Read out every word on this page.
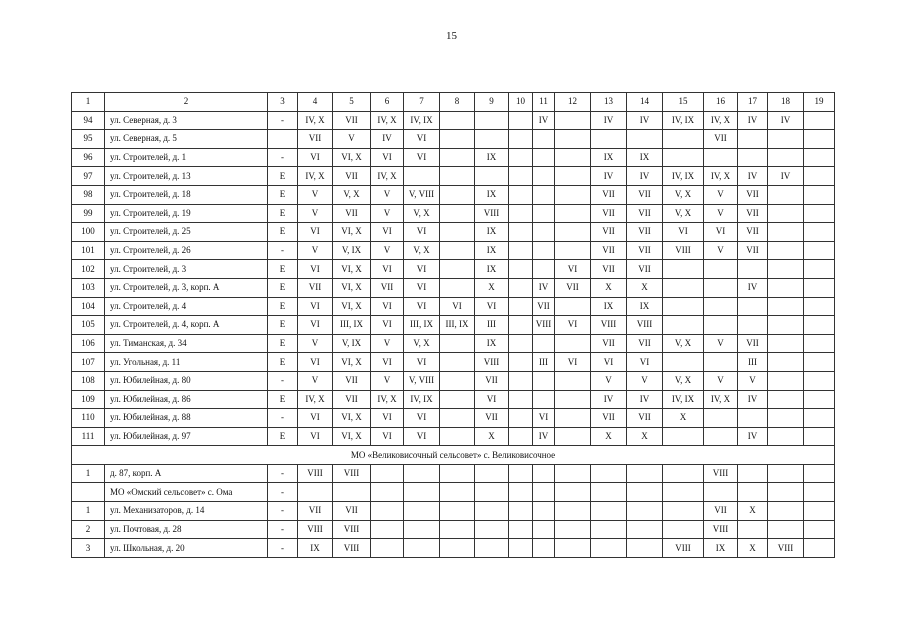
15
1	2	3	4	5	6	7	8	9	10	11	12	13	14	15	16	17	18	19
94	ул. Северная, д. 3	-	IV, X	VII	IV, X	IV, IX				IV		IV	IV	IV, IX	IV, X	IV	IV	
95	ул. Северная, д. 5		VII	V	IV	VI									VII			
96	ул. Строителей, д. 1	-	VI	VI, X	VI	VI		IX				IX	IX					
97	ул. Строителей, д. 13	E	IV, X	VII	IV, X							IV	IV	IV, IX	IV, X	IV	IV	
98	ул. Строителей, д. 18	E	V	V, X	V	V, VIII		IX				VII	VII	V, X	V	VII		
99	ул. Строителей, д. 19	E	V	VII	V	V, X		VIII				VII	VII	V, X	V	VII		
100	ул. Строителей, д. 25	E	VI	VI, X	VI	VI		IX				VII	VII	VI	VI	VII		
101	ул. Строителей, д. 26	-	V	V, IX	V	V, X		IX				VII	VII	VIII	V	VII		
102	ул. Строителей, д. 3	E	VI	VI, X	VI	VI		IX			VI	VII	VII					
103	ул. Строителей, д. 3, корп. А	E	VII	VI, X	VII	VI		X		IV	VII	X	X			IV		
104	ул. Строителей, д. 4	E	VI	VI, X	VI	VI	VI	VI		VII		IX	IX					
105	ул. Строителей, д. 4, корп. А	E	VI	III, IX	VI	III, IX	III, IX	III		VIII	VI	VIII	VIII					
106	ул. Тиманская, д. 34	E	V	V, IX	V	V, X		IX				VII	VII	V, X	V	VII		
107	ул. Угольная, д. 11	E	VI	VI, X	VI	VI		VIII		III	VI	VI	VI			III		
108	ул. Юбилейная, д. 80	-	V	VII	V	V, VIII		VII				V	V	V, X	V	V		
109	ул. Юбилейная, д. 86	E	IV, X	VII	IV, X	IV, IX		VI				IV	IV	IV, IX	IV, X	IV		
110	ул. Юбилейная, д. 88	-	VI	VI, X	VI	VI		VII		VI		VII	VII	X				
111	ул. Юбилейная, д. 97	E	VI	VI, X	VI	VI		X		IV		X	X			IV		
МО «Великовисочный сельсовет» с. Великовисочное																		
1	д. 87, корп. А	-	VIII	VIII											VIII			
	МО «Омский сельсовет» с. Ома	-																
1	ул. Механизаторов, д. 14	-	VII	VII											VII	X		
2	ул. Почтовая, д. 28	-	VIII	VIII											VIII			
3	ул. Школьная, д. 20	-	IX	VIII										VIII	IX	X	VIII	
